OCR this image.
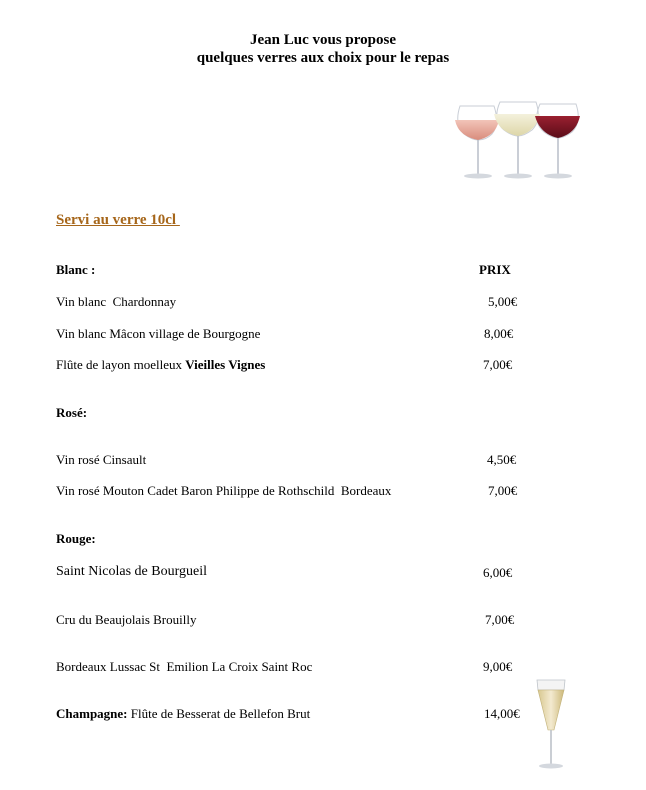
Jean Luc vous propose
quelques verres aux choix pour le repas
Servi au verre 10cl
PRIX
Blanc :
Vin blanc  Chardonnay	5,00€
Vin blanc Mâcon village de Bourgogne	8,00€
Flûte de layon moelleux Vieilles Vignes	7,00€
Rosé:
Vin rosé Cinsault	4,50€
Vin rosé Mouton Cadet Baron Philippe de Rothschild  Bordeaux	7,00€
Rouge:
Saint Nicolas de Bourgueil	6,00€
Cru du Beaujolais Brouilly	7,00€
Bordeaux Lussac St  Emilion La Croix Saint Roc	9,00€
Champagne: Flûte de Besserat de Bellefon Brut	14,00€
